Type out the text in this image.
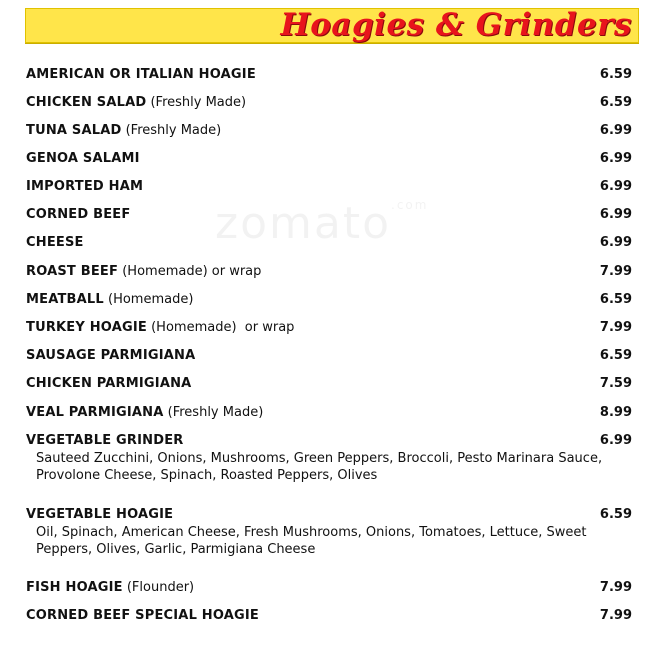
Hoagies & Grinders
zomato$^{.com}$
AMERICAN OR ITALIAN HOAGIE	6.59
CHICKEN SALAD (Freshly Made)	6.59
TUNA SALAD (Freshly Made)	6.99
GENOA SALAMI	6.99
IMPORTED HAM	6.99
CORNED BEEF	6.99
CHEESE	6.99
ROAST BEEF (Homemade) or wrap	7.99
MEATBALL (Homemade)	6.59
TURKEY HOAGIE (Homemade)  or wrap	7.99
SAUSAGE PARMIGIANA	6.59
CHICKEN PARMIGIANA	7.59
VEAL PARMIGIANA (Freshly Made)	8.99
VEGETABLE GRINDER	6.99
Sauteed Zucchini, Onions, Mushrooms, Green Peppers, Broccoli, Pesto Marinara Sauce, Provolone Cheese, Spinach, Roasted Peppers, Olives
VEGETABLE HOAGIE	6.59
Oil, Spinach, American Cheese, Fresh Mushrooms, Onions, Tomatoes, Lettuce, Sweet Peppers, Olives, Garlic, Parmigiana Cheese
FISH HOAGIE (Flounder)	7.99
CORNED BEEF SPECIAL HOAGIE	7.99
